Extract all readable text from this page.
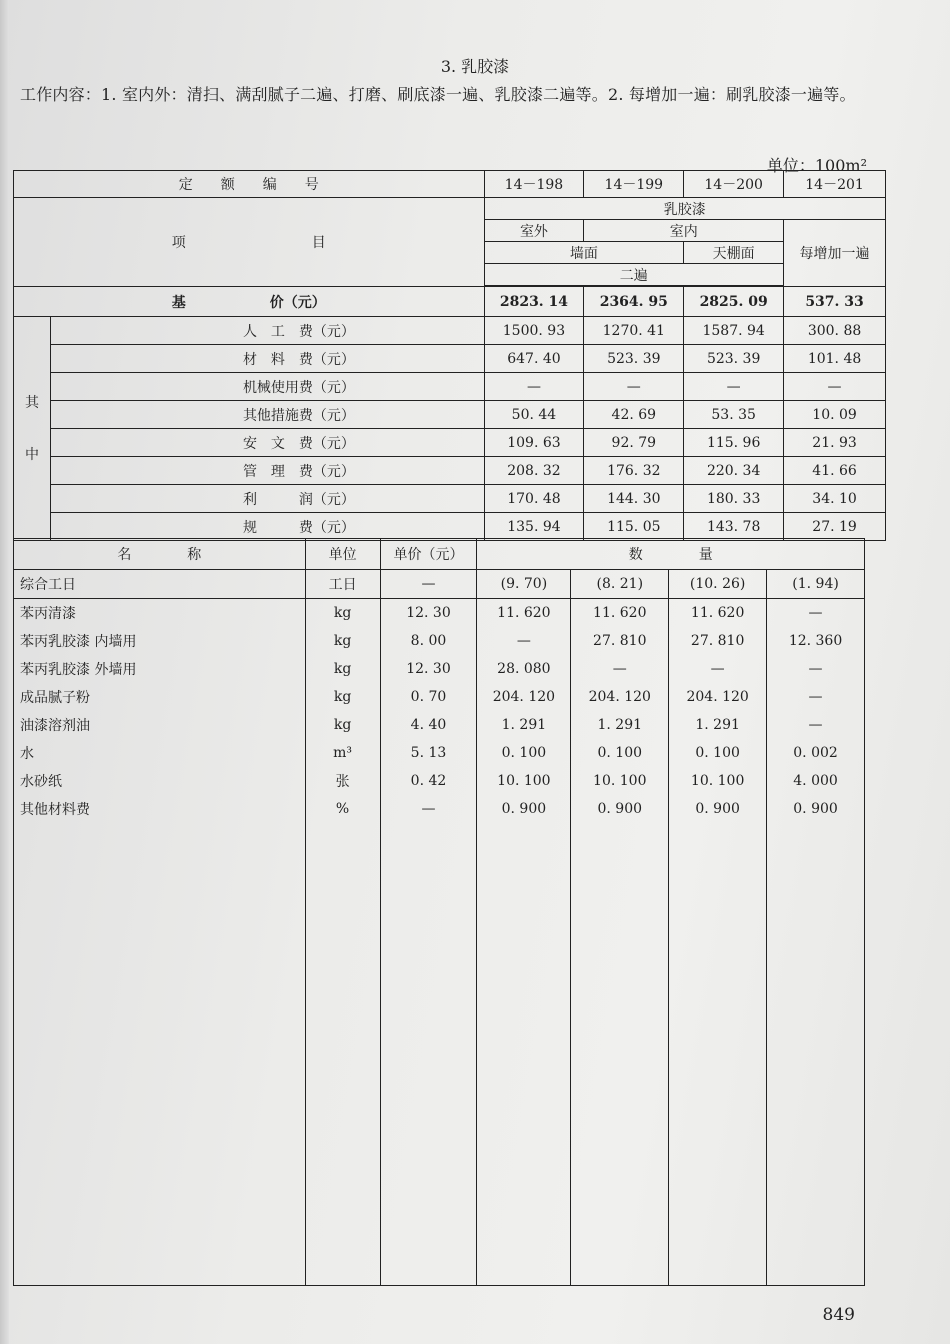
3. 乳胶漆
工作内容：1. 室内外：清扫、满刮腻子二遍、打磨、刷底漆一遍、乳胶漆二遍等。2. 每增加一遍：刷乳胶漆一遍等。
单位：100m²
定　　额　　编　　号		14－198	14－199	14－200	14－201
项　　　　　　　　　目		乳胶漆			
		室外	室内		每增加一遍
		墙面		天棚面	
		二遍			

基　　　　　　价（元）		2823. 14	2364. 95	2825. 09	537. 33
其
中	人　工　费（元）	1500. 93	1270. 41	1587. 94	300. 88
	材　料　费（元）	647. 40	523. 39	523. 39	101. 48
	机械使用费（元）	—	—	—	—
	其他措施费（元）	50. 44	42. 69	53. 35	10. 09
	安　文　费（元）	109. 63	92. 79	115. 96	21. 93
	管　理　费（元）	208. 32	176. 32	220. 34	41. 66
	利　　　润（元）	170. 48	144. 30	180. 33	34. 10
	规　　　费（元）	135. 94	115. 05	143. 78	27. 19
名　　　　称	单位	单价（元）	数　　　　量			
综合工日	工日	—	(9. 70)	(8. 21)	(10. 26)	(1. 94)
苯丙清漆	kg	12. 30	11. 620	11. 620	11. 620	—
苯丙乳胶漆 内墙用	kg	8. 00	—	27. 810	27. 810	12. 360
苯丙乳胶漆 外墙用	kg	12. 30	28. 080	—	—	—
成品腻子粉	kg	0. 70	204. 120	204. 120	204. 120	—
油漆溶剂油	kg	4. 40	1. 291	1. 291	1. 291	—
水	m³	5. 13	0. 100	0. 100	0. 100	0. 002
水砂纸	张	0. 42	10. 100	10. 100	10. 100	4. 000
其他材料费	%	—	0. 900	0. 900	0. 900	0. 900

849
